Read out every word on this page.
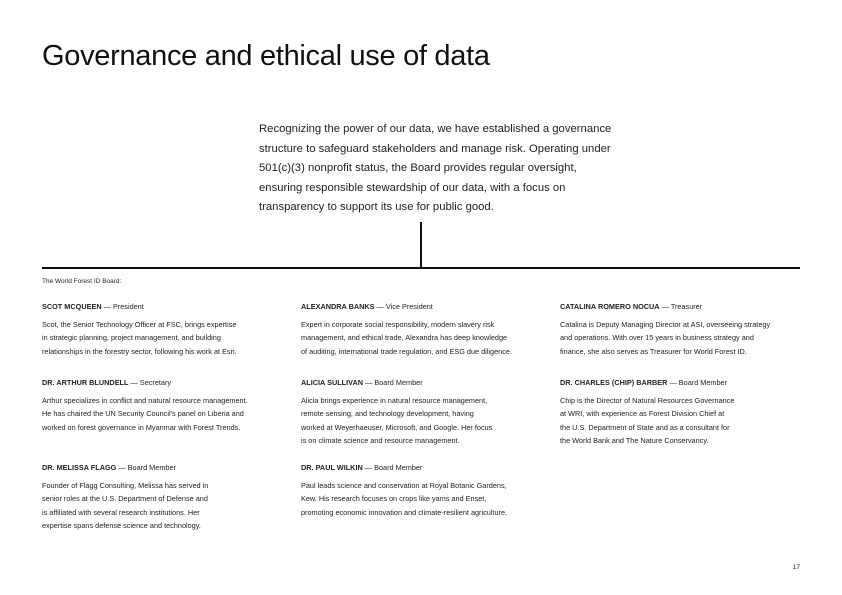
Governance and ethical use of data

Recognizing the power of our data, we have established a governance structure to safeguard stakeholders and manage risk. Operating under 501(c)(3) nonprofit status, the Board provides regular oversight, ensuring responsible stewardship of our data, with a focus on transparency to support its use for public good.

The World Forest ID Board:

SCOT MCQUEEN — President

Scot, the Senior Technology Officer at FSC, brings expertise
in strategic planning, project management, and building
relationships in the forestry sector, following his work at Esri.

ALEXANDRA BANKS — Vice President

Expert in corporate social responsibility, modern slavery risk
management, and ethical trade, Alexandra has deep knowledge
of auditing, international trade regulation, and ESG due diligence.

CATALINA ROMERO NOCUA — Treasurer

Catalina is Deputy Managing Director at ASI, overseeing strategy
and operations. With over 15 years in business strategy and
finance, she also serves as Treasurer for World Forest ID.

DR. ARTHUR BLUNDELL — Secretary

Arthur specializes in conflict and natural resource management.
He has chaired the UN Security Council’s panel on Liberia and
worked on forest governance in Myanmar with Forest Trends.

ALICIA SULLIVAN — Board Member

Alicia brings experience in natural resource management,
remote sensing, and technology development, having
worked at Weyerhaeuser, Microsoft, and Google. Her focus
is on climate science and resource management.

DR. CHARLES (CHIP) BARBER — Board Member

Chip is the Director of Natural Resources Governance
at WRI, with experience as Forest Division Chief at
the U.S. Department of State and as a consultant for
the World Bank and The Nature Conservancy.

DR. MELISSA FLAGG — Board Member

Founder of Flagg Consulting, Melissa has served in
senior roles at the U.S. Department of Defense and
is affiliated with several research institutions. Her
expertise spans defense science and technology.

DR. PAUL WILKIN — Board Member

Paul leads science and conservation at Royal Botanic Gardens,
Kew. His research focuses on crops like yams and Enset,
promoting economic innovation and climate-resilient agriculture.

17
